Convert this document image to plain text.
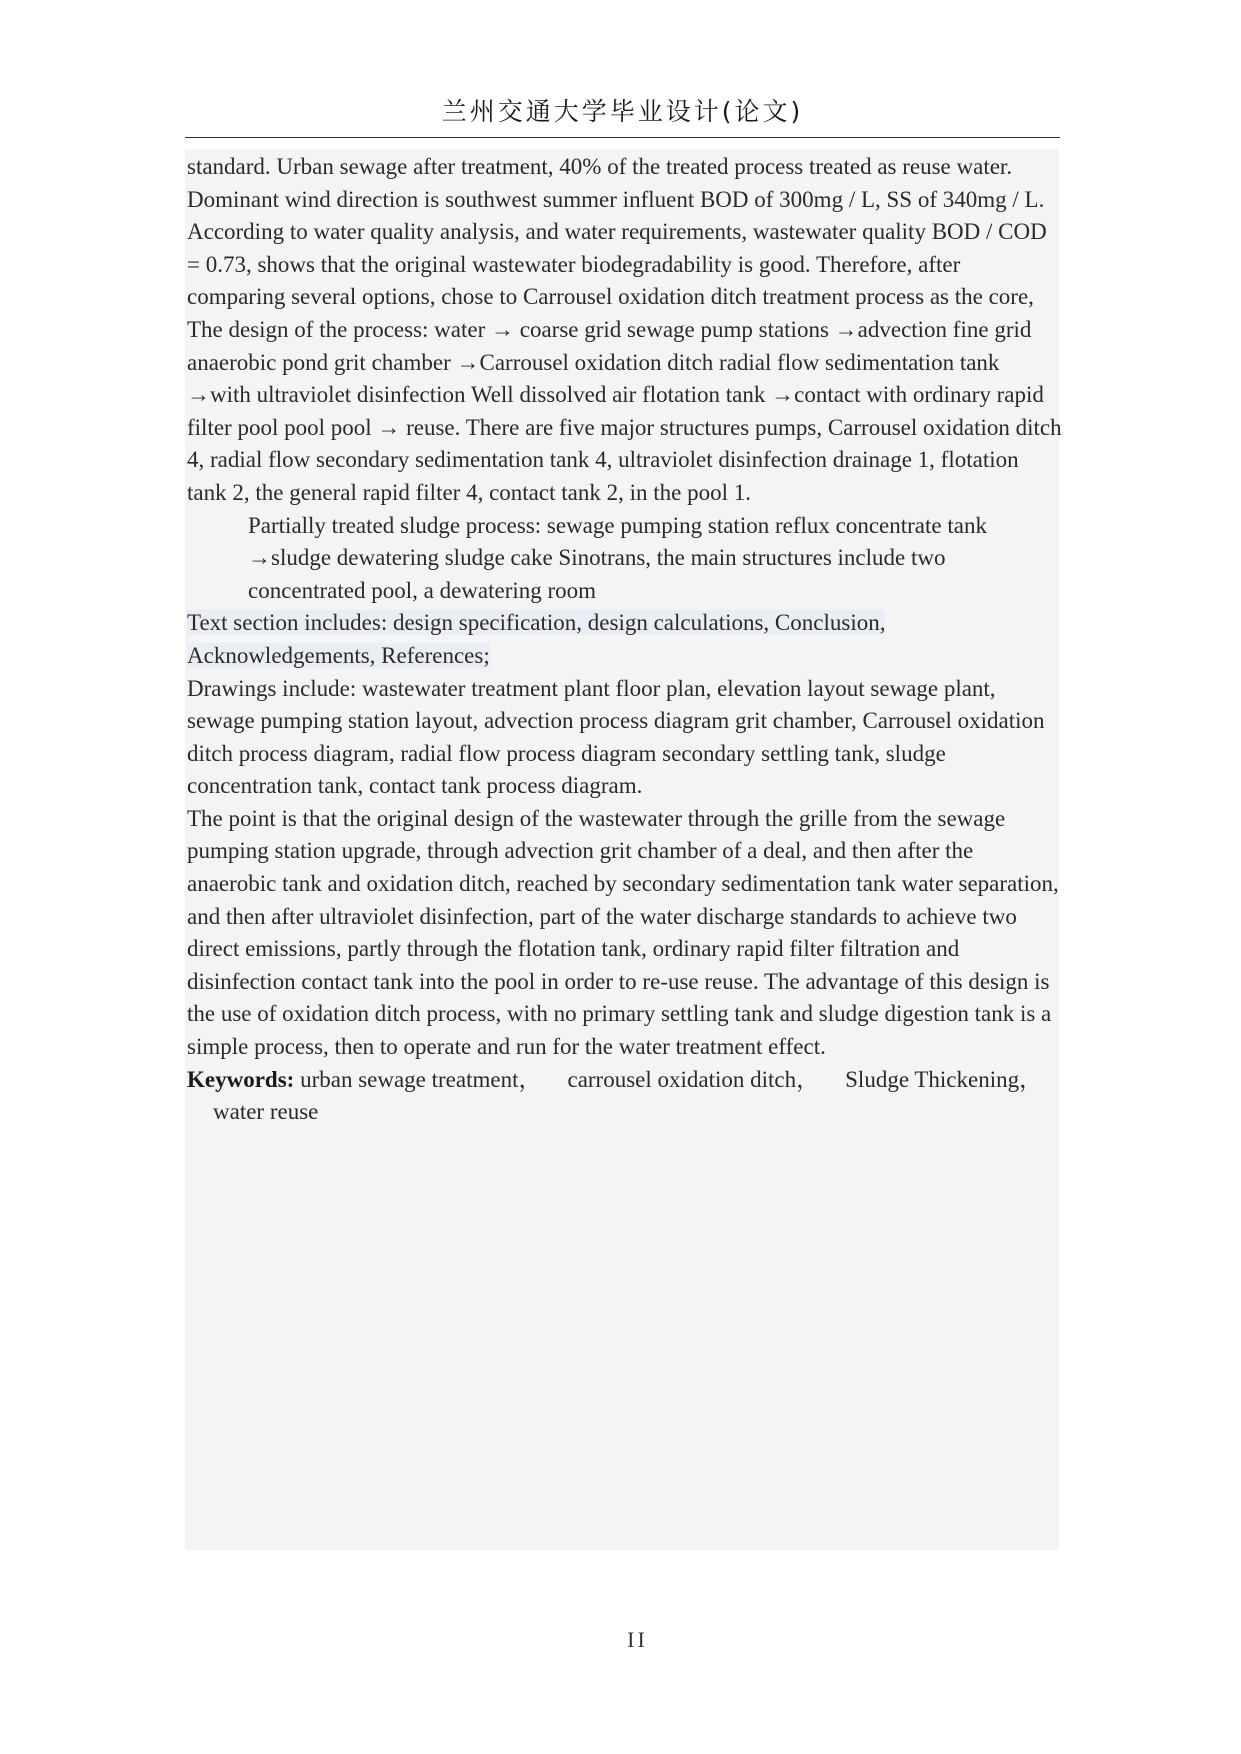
兰州交通大学毕业设计(论文)

standard. Urban sewage after treatment, 40% of the treated process treated as reuse water. Dominant wind direction is southwest summer influent BOD of 300mg / L, SS of 340mg / L. According to water quality analysis, and water requirements, wastewater quality BOD / COD = 0.73, shows that the original wastewater biodegradability is good. Therefore, after comparing several options, chose to Carrousel oxidation ditch treatment process as the core, The design of the process: water → coarse grid sewage pump stations →advection fine grid anaerobic pond grit chamber →Carrousel oxidation ditch radial flow sedimentation tank →with ultraviolet disinfection Well dissolved air flotation tank →contact with ordinary rapid filter pool pool pool → reuse. There are five major structures pumps, Carrousel oxidation ditch 4, radial flow secondary sedimentation tank 4, ultraviolet disinfection drainage 1, flotation tank 2, the general rapid filter 4, contact tank 2, in the pool 1.

Partially treated sludge process: sewage pumping station reflux concentrate tank →sludge dewatering sludge cake Sinotrans, the main structures include two concentrated pool, a dewatering room

Text section includes: design specification, design calculations, Conclusion, Acknowledgements, References;

Drawings include: wastewater treatment plant floor plan, elevation layout sewage plant, sewage pumping station layout, advection process diagram grit chamber, Carrousel oxidation ditch process diagram, radial flow process diagram secondary settling tank, sludge concentration tank, contact tank process diagram.

The point is that the original design of the wastewater through the grille from the sewage pumping station upgrade, through advection grit chamber of a deal, and then after the anaerobic tank and oxidation ditch, reached by secondary sedimentation tank water separation, and then after ultraviolet disinfection, part of the water discharge standards to achieve two direct emissions, partly through the flotation tank, ordinary rapid filter filtration and disinfection contact tank into the pool in order to re-use reuse. The advantage of this design is the use of oxidation ditch process, with no primary settling tank and sludge digestion tank is a simple process, then to operate and run for the water treatment effect.

Keywords: urban sewage treatment， carrousel oxidation ditch， Sludge Thickening，water reuse

II
